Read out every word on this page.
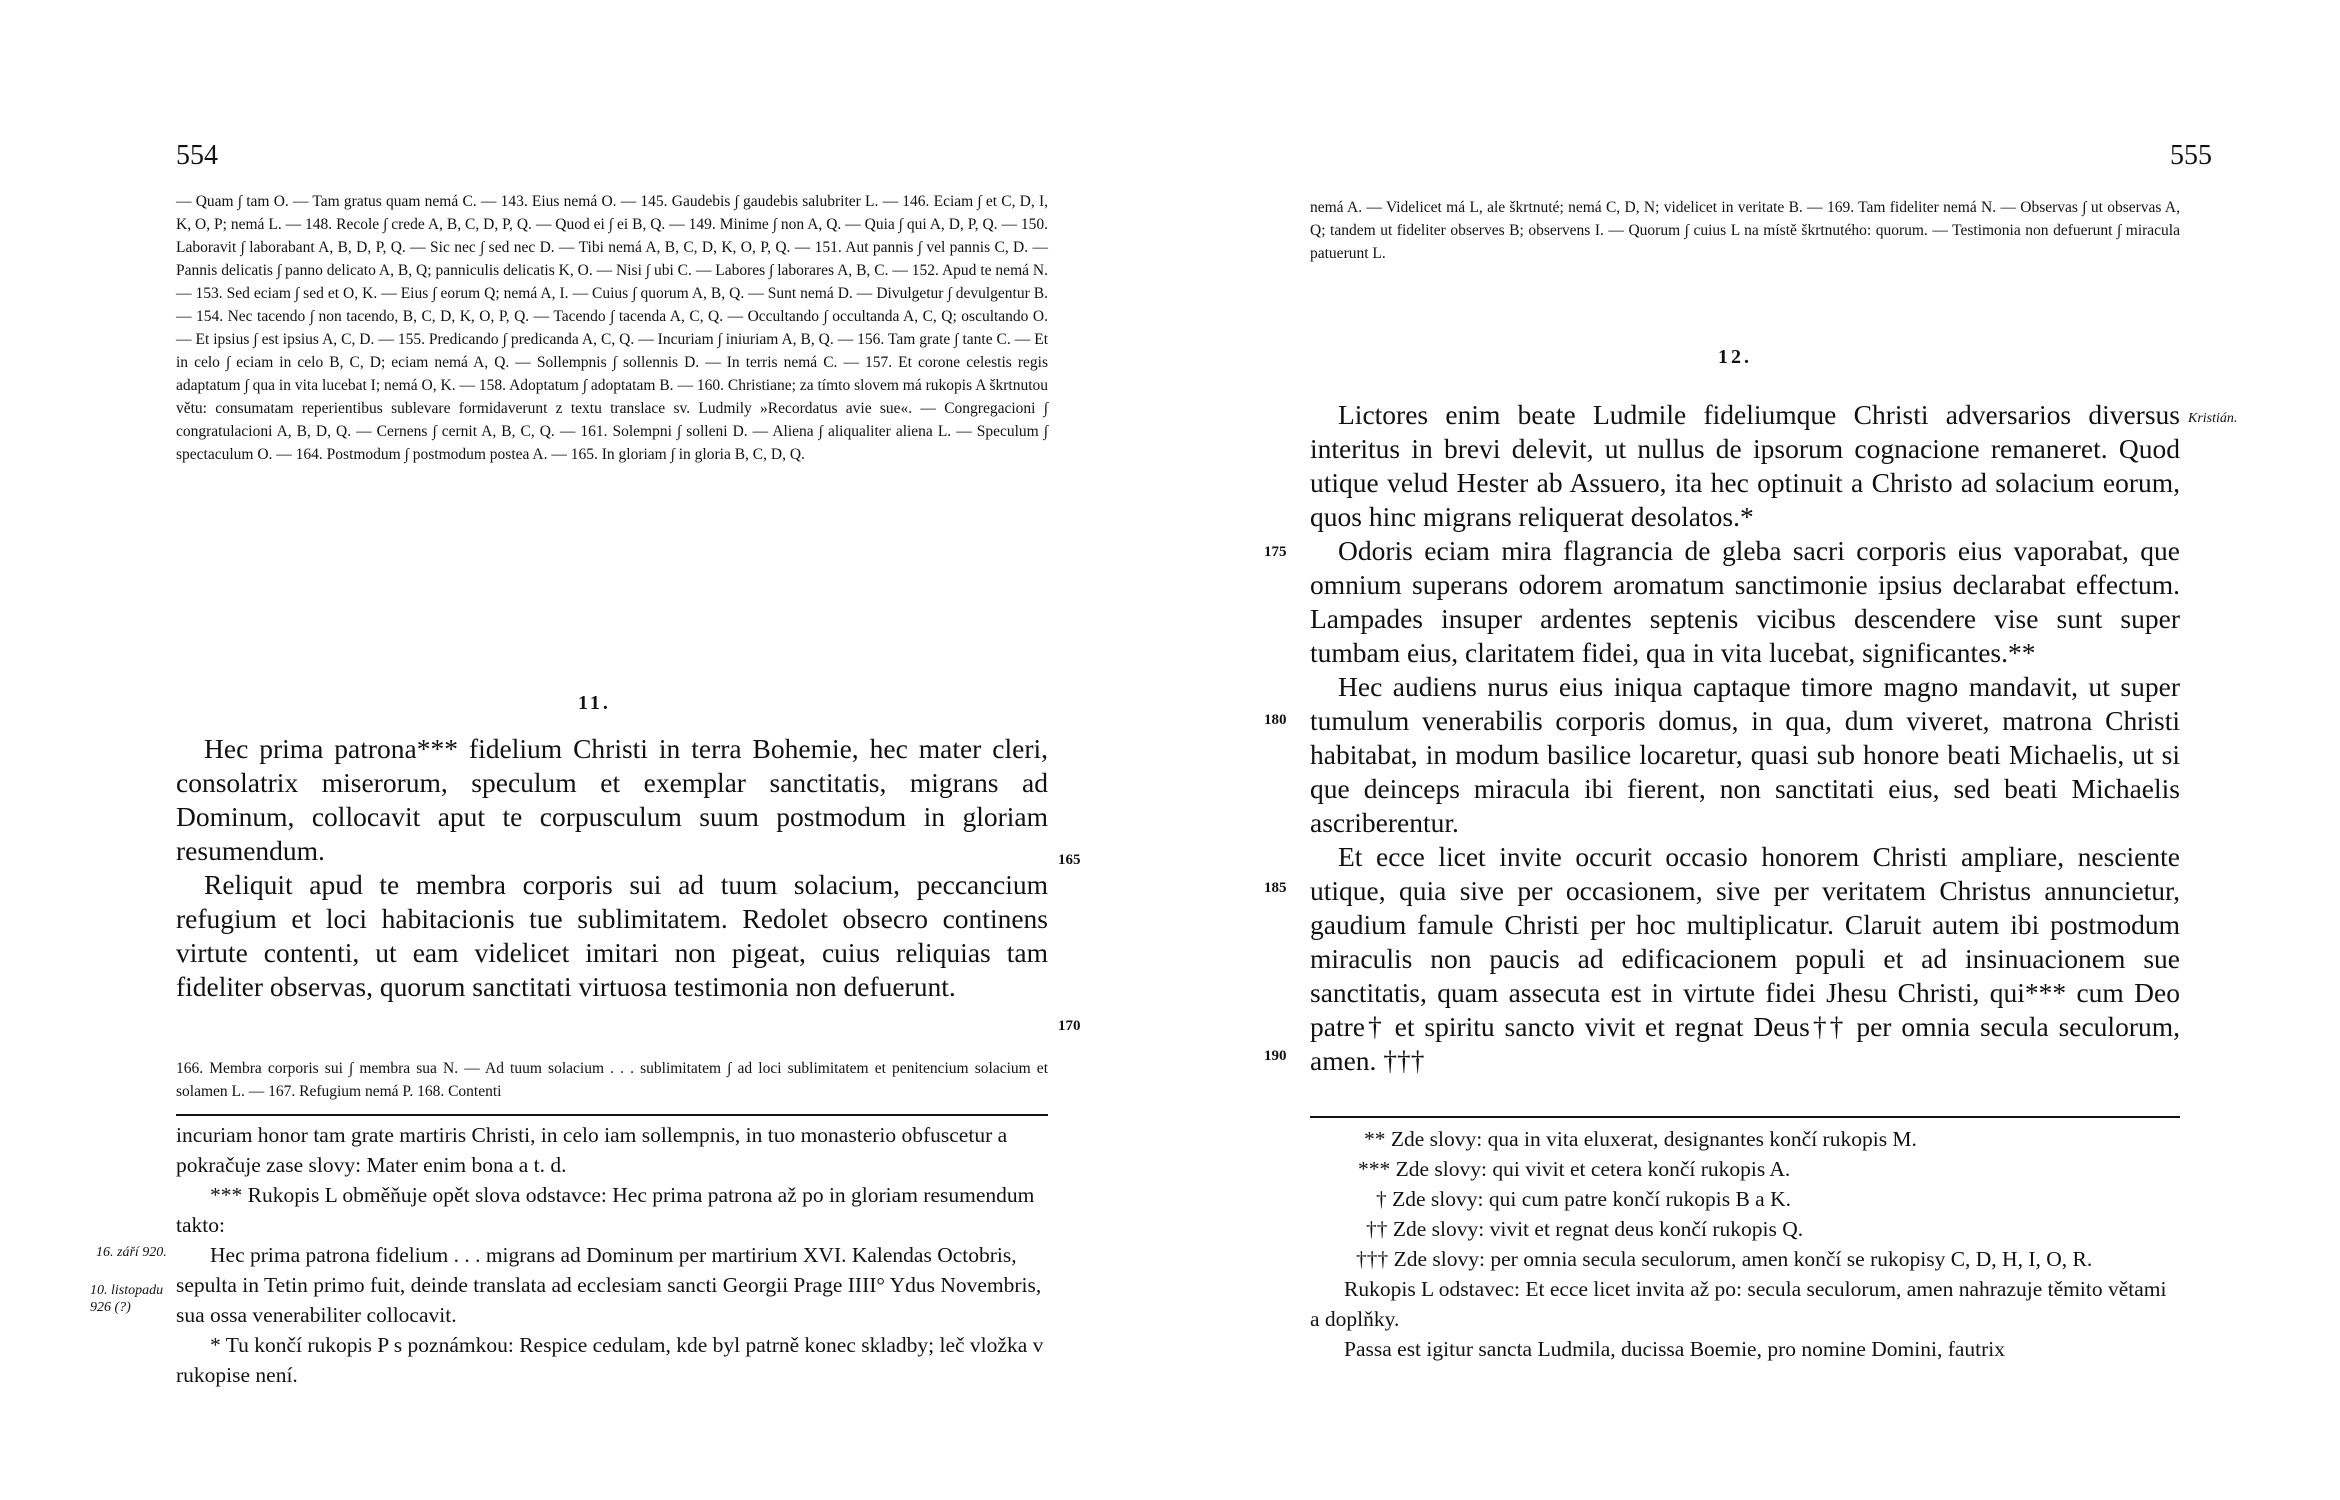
554

— Quam ∫ tam O. — Tam gratus quam nemá C. — 143. Eius nemá O. — 145. Gaudebis ∫ gaudebis salubriter L. — 146. Eciam ∫ et C, D, I, K, O, P; nemá L. — 148. Recole ∫ crede A, B, C, D, P, Q. — Quod ei ∫ ei B, Q. — 149. Minime ∫ non A, Q. — Quia ∫ qui A, D, P, Q. — 150. Laboravit ∫ laborabant A, B, D, P, Q. — Sic nec ∫ sed nec D. — Tibi nemá A, B, C, D, K, O, P, Q. — 151. Aut pannis ∫ vel pannis C, D. — Pannis delicatis ∫ panno delicato A, B, Q; panniculis delicatis K, O. — Nisi ∫ ubi C. — Labores ∫ laborares A, B, C. — 152. Apud te nemá N. — 153. Sed eciam ∫ sed et O, K. — Eius ∫ eorum Q; nemá A, I. — Cuius ∫ quorum A, B, Q. — Sunt nemá D. — Divulgetur ∫ devulgentur B. — 154. Nec tacendo ∫ non tacendo, B, C, D, K, O, P, Q. — Tacendo ∫ tacenda A, C, Q. — Occultando ∫ occultanda A, C, Q; oscultando O. — Et ipsius ∫ est ipsius A, C, D. — 155. Predicando ∫ predicanda A, C, Q. — Incuriam ∫ iniuriam A, B, Q. — 156. Tam grate ∫ tante C. — Et in celo ∫ eciam in celo B, C, D; eciam nemá A, Q. — Sollempnis ∫ sollennis D. — In terris nemá C. — 157. Et corone celestis regis adaptatum ∫ qua in vita lucebat I; nemá O, K. — 158. Adoptatum ∫ adoptatam B. — 160. Christiane; za tímto slovem má rukopis A škrtnutou větu: consumatam reperientibus sublevare formidaverunt z textu translace sv. Ludmily »Recordatus avie sue«. — Congregacioni ∫ congratulacioni A, B, D, Q. — Cernens ∫ cernit A, B, C, Q. — 161. Solempni ∫ solleni D. — Aliena ∫ aliqualiter aliena L. — Speculum ∫ spectaculum O. — 164. Postmodum ∫ postmodum postea A. — 165. In gloriam ∫ in gloria B, C, D, Q.

11.

Hec prima patrona*** fidelium Christi in terra Bohemie, hec mater cleri, consolatrix miserorum, speculum et exemplar sanctitatis, migrans ad Dominum, collocavit aput te corpusculum suum postmodum in gloriam resumendum.

Reliquit apud te membra corporis sui ad tuum solacium, peccancium refugium et loci habitacionis tue sublimitatem. Redolet obsecro continens virtute contenti, ut eam videlicet imitari non pigeat, cuius reliquias tam fideliter observas, quorum sanctitati virtuosa testimonia non defuerunt.

165
170

166. Membra corporis sui ∫ membra sua N. — Ad tuum solacium . . . sublimitatem ∫ ad loci sublimitatem et penitencium solacium et solamen L. — 167. Refugium nemá P. 168. Contenti

incuriam honor tam grate martiris Christi, in celo iam sollempnis, in tuo monasterio obfuscetur a pokračuje zase slovy: Mater enim bona a t. d.

*** Rukopis L obměňuje opět slova odstavce: Hec prima patrona až po in gloriam resumendum takto:

Hec prima patrona fidelium . . . migrans ad Dominum per martirium XVI. Kalendas Octobris, sepulta in Tetin primo fuit, deinde translata ad ecclesiam sancti Georgii Prage IIII° Ydus Novembris, sua ossa venerabiliter collocavit.

* Tu končí rukopis P s poznámkou: Respice cedulam, kde byl patrně konec skladby; leč vložka v rukopise není.

16. září 920.
10. listopadu 926 (?)
555

nemá A. — Videlicet má L, ale škrtnuté; nemá C, D, N; videlicet in veritate B. — 169. Tam fideliter nemá N. — Observas ∫ ut observas A, Q; tandem ut fideliter observes B; observens I. — Quorum ∫ cuius L na místě škrtnutého: quorum. — Testimonia non defuerunt ∫ miracula patuerunt L.

12.

Lictores enim beate Ludmile fideliumque Christi adversarios diversus interitus in brevi delevit, ut nullus de ipsorum cognacione remaneret. Quod utique velud Hester ab Assuero, ita hec optinuit a Christo ad solacium eorum, quos hinc migrans reliquerat desolatos.*

Odoris eciam mira flagrancia de gleba sacri corporis eius vaporabat, que omnium superans odorem aromatum sanctimonie ipsius declarabat effectum. Lampades insuper ardentes septenis vicibus descendere vise sunt super tumbam eius, claritatem fidei, qua in vita lucebat, significantes.**

Hec audiens nurus eius iniqua captaque timore magno mandavit, ut super tumulum venerabilis corporis domus, in qua, dum viveret, matrona Christi habitabat, in modum basilice locaretur, quasi sub honore beati Michaelis, ut si que deinceps miracula ibi fierent, non sanctitati eius, sed beati Michaelis ascriberentur.

Et ecce licet invite occurit occasio honorem Christi ampliare, nesciente utique, quia sive per occasionem, sive per veritatem Christus annuncietur, gaudium famule Christi per hoc multiplicatur. Claruit autem ibi postmodum miraculis non paucis ad edificacionem populi et ad insinuacionem sue sanctitatis, quam assecuta est in virtute fidei Jhesu Christi, qui*** cum Deo patre† et spiritu sancto vivit et regnat Deus†† per omnia secula seculorum, amen. †††

Kristián.
175
180
185
190

** Zde slovy: qua in vita eluxerat, designantes končí rukopis M.

*** Zde slovy: qui vivit et cetera končí rukopis A.

† Zde slovy: qui cum patre končí rukopis B a K.

†† Zde slovy: vivit et regnat deus končí rukopis Q.

††† Zde slovy: per omnia secula seculorum, amen končí se rukopisy C, D, H, I, O, R.

Rukopis L odstavec: Et ecce licet invita až po: secula seculorum, amen nahrazuje těmito větami a doplňky.

Passa est igitur sancta Ludmila, ducissa Boemie, pro nomine Domini, fautrix
